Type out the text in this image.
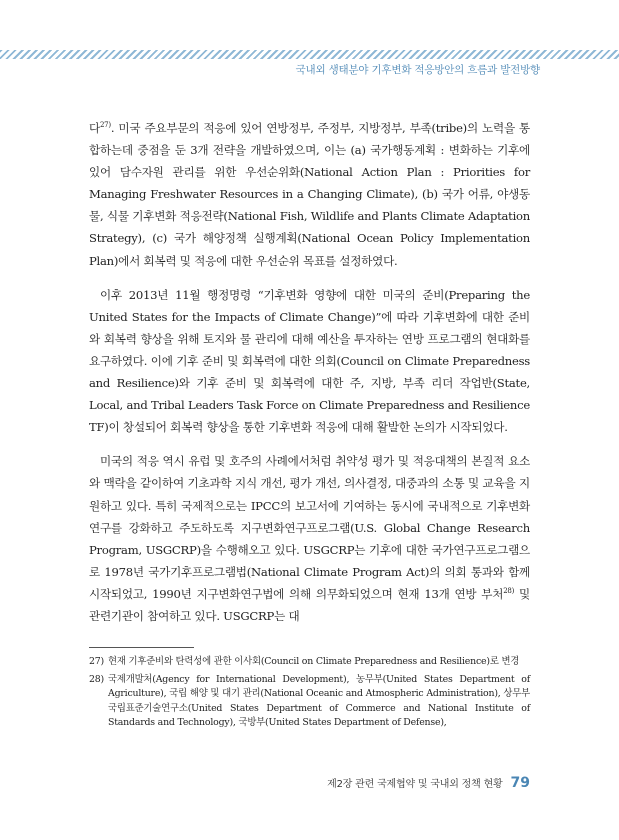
국내외 생태분야 기후변화 적응방안의 흐름과 발전방향

다$^{27)}$. 미국 주요부문의 적응에 있어 연방정부, 주정부, 지방정부, 부족(tribe)의 노력을 통합하는데 중점을 둔 3개 전략을 개발하였으며, 이는 (a) 국가행동계획 : 변화하는 기후에 있어 담수자원 관리를 위한 우선순위화(National Action Plan : Priorities for Managing Freshwater Resources in a Changing Climate), (b) 국가 어류, 야생동물, 식물 기후변화 적응전략(National Fish, Wildlife and Plants Climate Adaptation Strategy), (c) 국가 해양정책 실행계획(National Ocean Policy Implementation Plan)에서 회복력 및 적응에 대한 우선순위 목표를 설정하였다.

이후 2013년 11월 행정명령 “기후변화 영향에 대한 미국의 준비(Preparing the United States for the Impacts of Climate Change)”에 따라 기후변화에 대한 준비와 회복력 향상을 위해 토지와 물 관리에 대해 예산을 투자하는 연방 프로그램의 현대화를 요구하였다. 이에 기후 준비 및 회복력에 대한 의회(Council on Climate Preparedness and Resilience)와 기후 준비 및 회복력에 대한 주, 지방, 부족 리더 작업반(State, Local, and Tribal Leaders Task Force on Climate Preparedness and Resilience TF)이 창설되어 회복력 향상을 통한 기후변화 적응에 대해 활발한 논의가 시작되었다.

미국의 적응 역시 유럽 및 호주의 사례에서처럼 취약성 평가 및 적응대책의 본질적 요소와 맥락을 같이하여 기초과학 지식 개선, 평가 개선, 의사결정, 대중과의 소통 및 교육을 지원하고 있다. 특히 국제적으로는 IPCC의 보고서에 기여하는 동시에 국내적으로 기후변화연구를 강화하고 주도하도록 지구변화연구프로그램(U.S. Global Change Research Program, USGCRP)을 수행해오고 있다. USGCRP는 기후에 대한 국가연구프로그램으로 1978년 국가기후프로그램법(National Climate Program Act)의 의회 통과와 함께 시작되었고, 1990년 지구변화연구법에 의해 의무화되었으며 현재 13개 연방 부처$^{28)}$ 및 관련기관이 참여하고 있다. USGCRP는 대

27) 현재 기후준비와 탄력성에 관한 이사회(Council on Climate Preparedness and Resilience)로 변경
28) 국제개발처(Agency for International Development), 농무부(United States Department of Agriculture), 국립 해양 및 대기 관리(National Oceanic and Atmospheric Administration), 상무부 국립표준기술연구소(United States Department of Commerce and National Institute of Standards and Technology), 국방부(United States Department of Defense),
제2장 관련 국제협약 및 국내외 정책 현황 79
